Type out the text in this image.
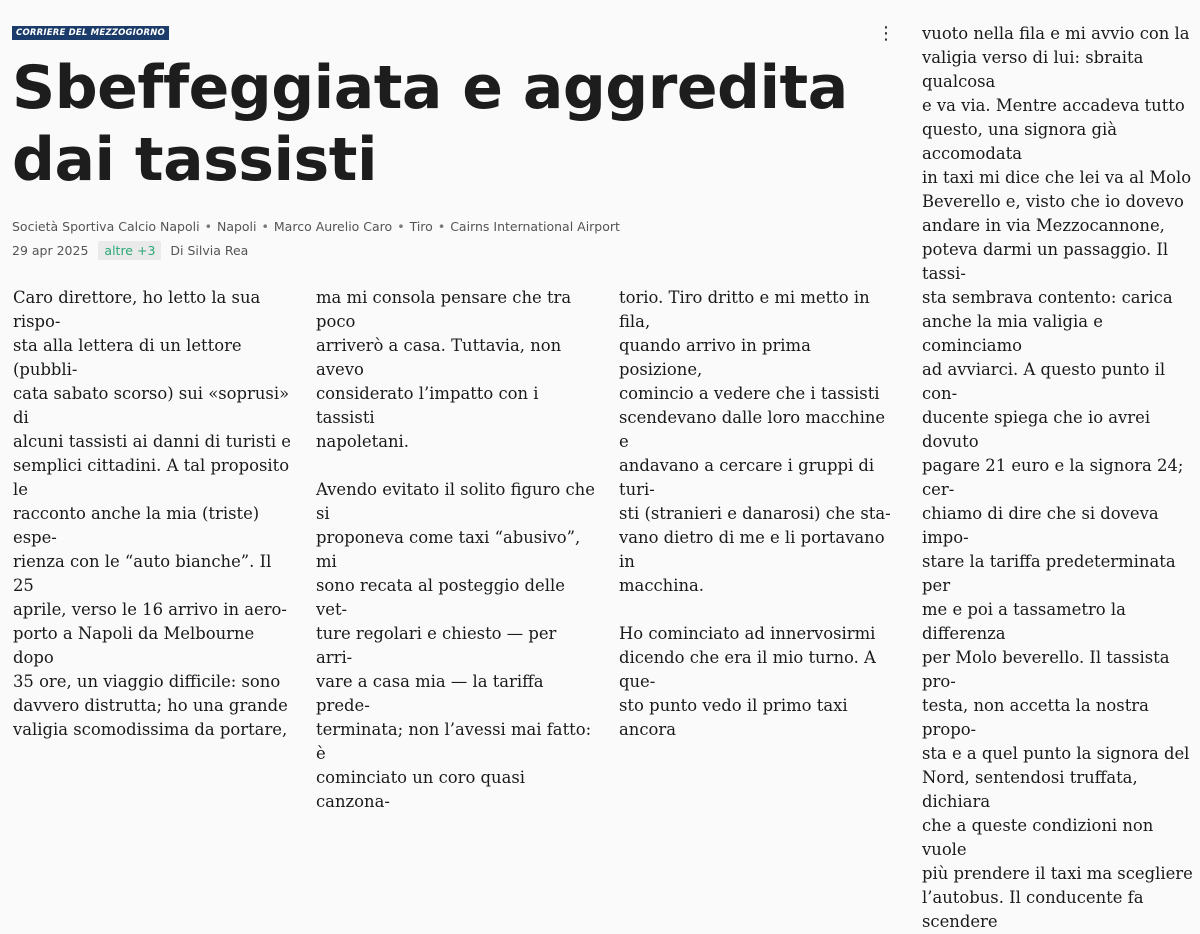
CORRIERE DEL MEZZOGIORNO	⋮
Sbeffeggiata e aggredita dai tassisti
Società Sportiva Calcio Napoli • Napoli • Marco Aurelio Caro • Tiro • Cairns International Airport
29 apr 2025	altre +3	Di Silvia Rea

Caro direttore, ho letto la sua rispo-
sta alla lettera di un lettore (pubbli-
cata sabato scorso) sui «soprusi» di
alcuni tassisti ai danni di turisti e
semplici cittadini. A tal proposito le
racconto anche la mia (triste) espe-
rienza con le “auto bianche”. Il 25
aprile, verso le 16 arrivo in aero-
porto a Napoli da Melbourne dopo
35 ore, un viaggio difficile: sono
davvero distrutta; ho una grande
valigia scomodissima da portare,

ma mi consola pensare che tra poco
arriverò a casa. Tuttavia, non avevo
considerato l’impatto con i tassisti
napoletani.

Avendo evitato il solito figuro che si
proponeva come taxi “abusivo”, mi
sono recata al posteggio delle vet-
ture regolari e chiesto — per arri-
vare a casa mia — la tariffa prede-
terminata; non l’avessi mai fatto: è
cominciato un coro quasi canzona-

torio. Tiro dritto e mi metto in fila,
quando arrivo in prima posizione,
comincio a vedere che i tassisti
scendevano dalle loro macchine e
andavano a cercare i gruppi di turi-
sti (stranieri e danarosi) che sta-
vano dietro di me e li portavano in
macchina.

Ho cominciato ad innervosirmi
dicendo che era il mio turno. A que-
sto punto vedo il primo taxi ancora

vuoto nella fila e mi avvio con la
valigia verso di lui: sbraita qualcosa
e va via. Mentre accadeva tutto
questo, una signora già accomodata
in taxi mi dice che lei va al Molo
Beverello e, visto che io dovevo
andare in via Mezzocannone,
poteva darmi un passaggio. Il tassi-
sta sembrava contento: carica
anche la mia valigia e cominciamo
ad avviarci. A questo punto il con-
ducente spiega che io avrei dovuto
pagare 21 euro e la signora 24; cer-
chiamo di dire che si doveva impo-
stare la tariffa predeterminata per
me e poi a tassametro la differenza
per Molo beverello. Il tassista pro-
testa, non accetta la nostra propo-
sta e a quel punto la signora del
Nord, sentendosi truffata, dichiara
che a queste condizioni non vuole
più prendere il taxi ma scegliere
l’autobus. Il conducente fa scendere
